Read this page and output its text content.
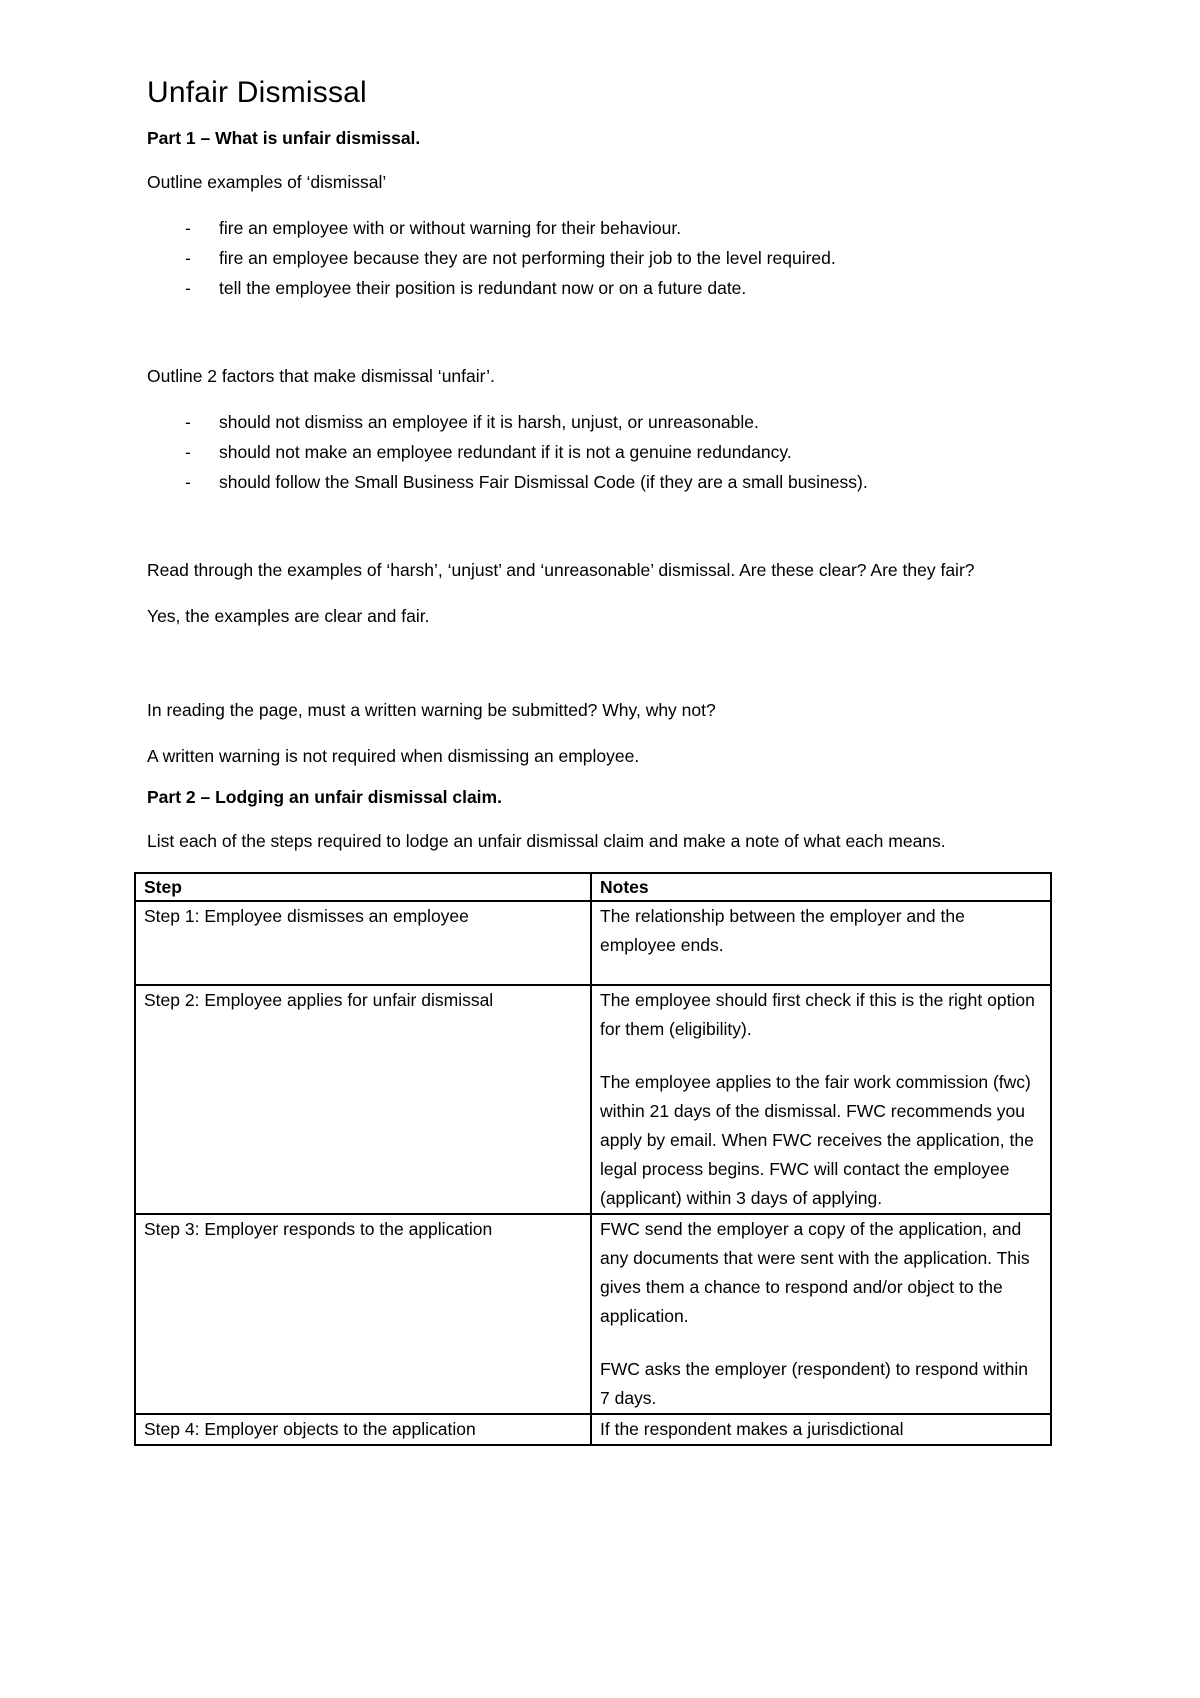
Unfair Dismissal
Part 1 – What is unfair dismissal.

Outline examples of ‘dismissal’

- fire an employee with or without warning for their behaviour.
- fire an employee because they are not performing their job to the level required.
- tell the employee their position is redundant now or on a future date.

Outline 2 factors that make dismissal ‘unfair’.

- should not dismiss an employee if it is harsh, unjust, or unreasonable.
- should not make an employee redundant if it is not a genuine redundancy.
- should follow the Small Business Fair Dismissal Code (if they are a small business).

Read through the examples of ‘harsh’, ‘unjust’ and ‘unreasonable’ dismissal. Are these clear? Are they fair?

Yes, the examples are clear and fair.

In reading the page, must a written warning be submitted? Why, why not?

A written warning is not required when dismissing an employee.

Part 2 – Lodging an unfair dismissal claim.

List each of the steps required to lodge an unfair dismissal claim and make a note of what each means.

Step	Notes

Step 1: Employee dismisses an employee	The relationship between the employer and the employee ends.

Step 2: Employee applies for unfair dismissal	The employee should first check if this is the right option for them (eligibility).

The employee applies to the fair work commission (fwc) within 21 days of the dismissal. FWC recommends you apply by email. When FWC receives the application, the legal process begins. FWC will contact the employee (applicant) within 3 days of applying.

Step 3: Employer responds to the application	FWC send the employer a copy of the application, and any documents that were sent with the application. This gives them a chance to respond and/or object to the application.

FWC asks the employer (respondent) to respond within 7 days.

Step 4: Employer objects to the application	If the respondent makes a jurisdictional
